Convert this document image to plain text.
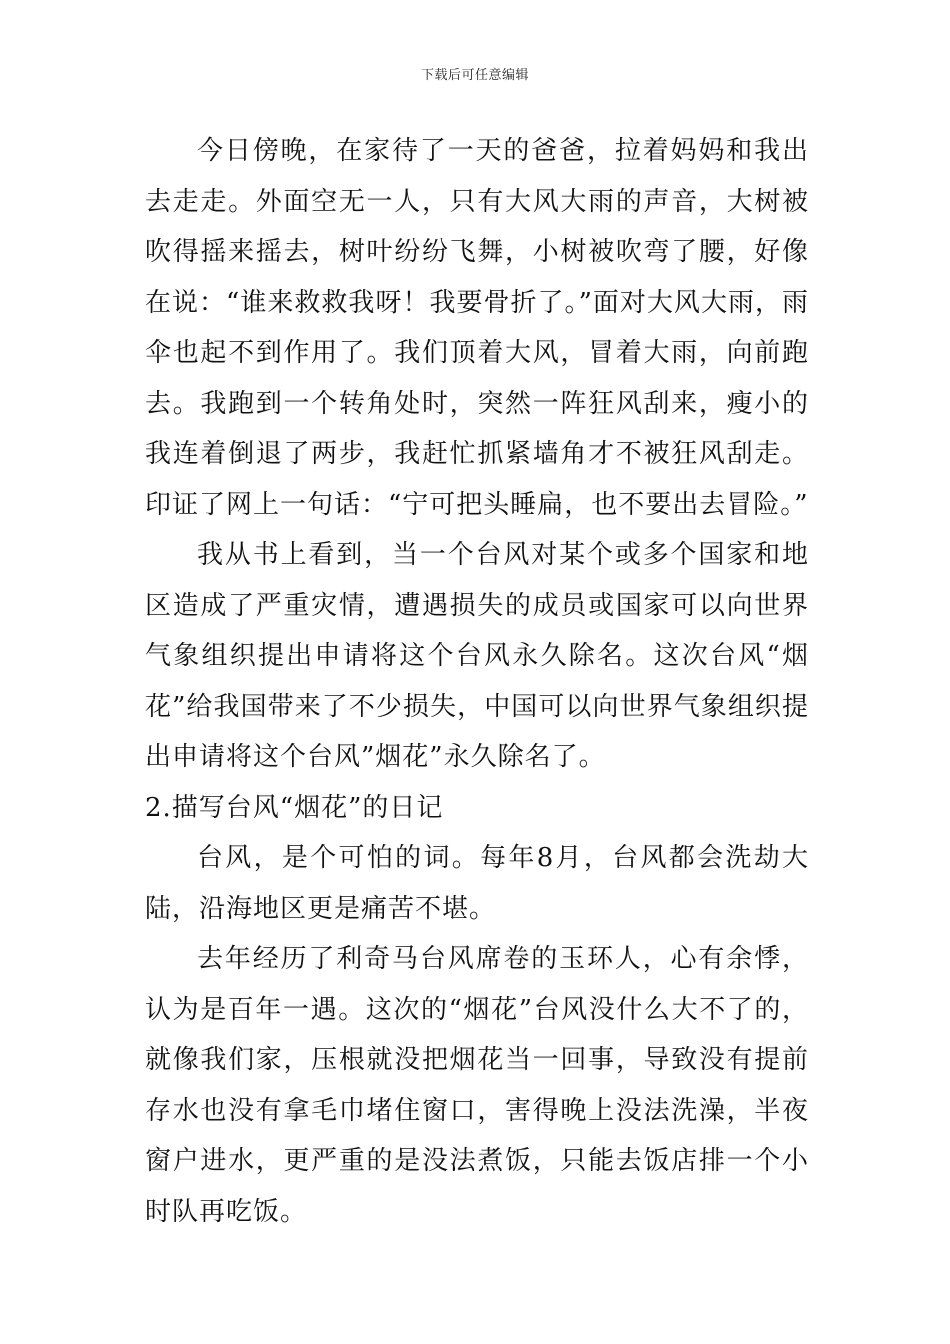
下载后可任意编辑

今日傍晚，在家待了一天的爸爸，拉着妈妈和我出去走走。外面空无一人，只有大风大雨的声音，大树被吹得摇来摇去，树叶纷纷飞舞，小树被吹弯了腰，好像在说：“谁来救救我呀！我要骨折了。”面对大风大雨，雨伞也起不到作用了。我们顶着大风，冒着大雨，向前跑去。我跑到一个转角处时，突然一阵狂风刮来，瘦小的我连着倒退了两步，我赶忙抓紧墙角才不被狂风刮走。印证了网上一句话：“宁可把头睡扁，也不要出去冒险。”

我从书上看到，当一个台风对某个或多个国家和地区造成了严重灾情，遭遇损失的成员或国家可以向世界气象组织提出申请将这个台风永久除名。这次台风“烟花”给我国带来了不少损失，中国可以向世界气象组织提出申请将这个台风”烟花”永久除名了。

2.描写台风“烟花”的日记

台风，是个可怕的词。每年8月，台风都会洗劫大陆，沿海地区更是痛苦不堪。

去年经历了利奇马台风席卷的玉环人，心有余悸，认为是百年一遇。这次的“烟花”台风没什么大不了的，就像我们家，压根就没把烟花当一回事，导致没有提前存水也没有拿毛巾堵住窗口，害得晚上没法洗澡，半夜窗户进水，更严重的是没法煮饭，只能去饭店排一个小时队再吃饭。
